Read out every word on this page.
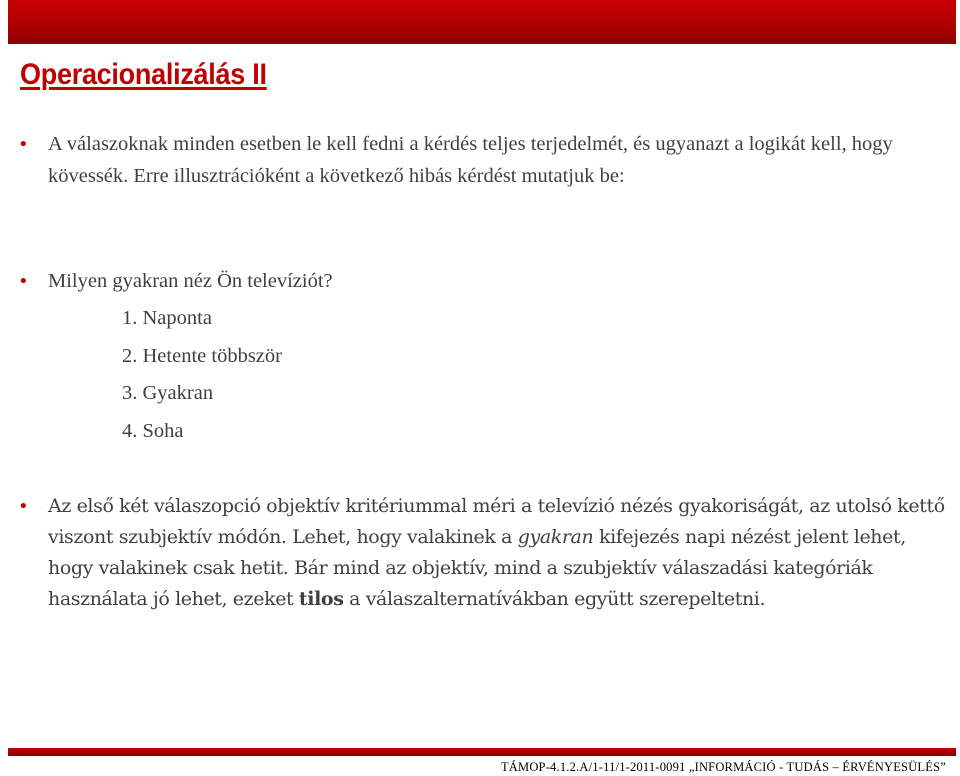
Operacionalizálás II
•
A válaszoknak minden esetben le kell fedni a kérdés teljes terjedelmét, és ugyanazt a logikát kell, hogy kövessék. Erre illusztrációként a következő hibás kérdést mutatjuk be:
•
Milyen gyakran néz Ön televíziót?
1. Naponta
2. Hetente többször
3. Gyakran
4. Soha
•
Az első két válaszopció objektív kritériummal méri a televízió nézés gyakoriságát, az utolsó kettő viszont szubjektív módón. Lehet, hogy valakinek a gyakran kifejezés napi nézést jelent lehet, hogy valakinek csak hetit. Bár mind az objektív, mind a szubjektív válaszadási kategóriák használata jó lehet, ezeket tilos a válaszalternatívákban együtt szerepeltetni.
TÁMOP-4.1.2.A/1-11/1-2011-0091 „INFORMÁCIÓ - TUDÁS – ÉRVÉNYESÜLÉS”
